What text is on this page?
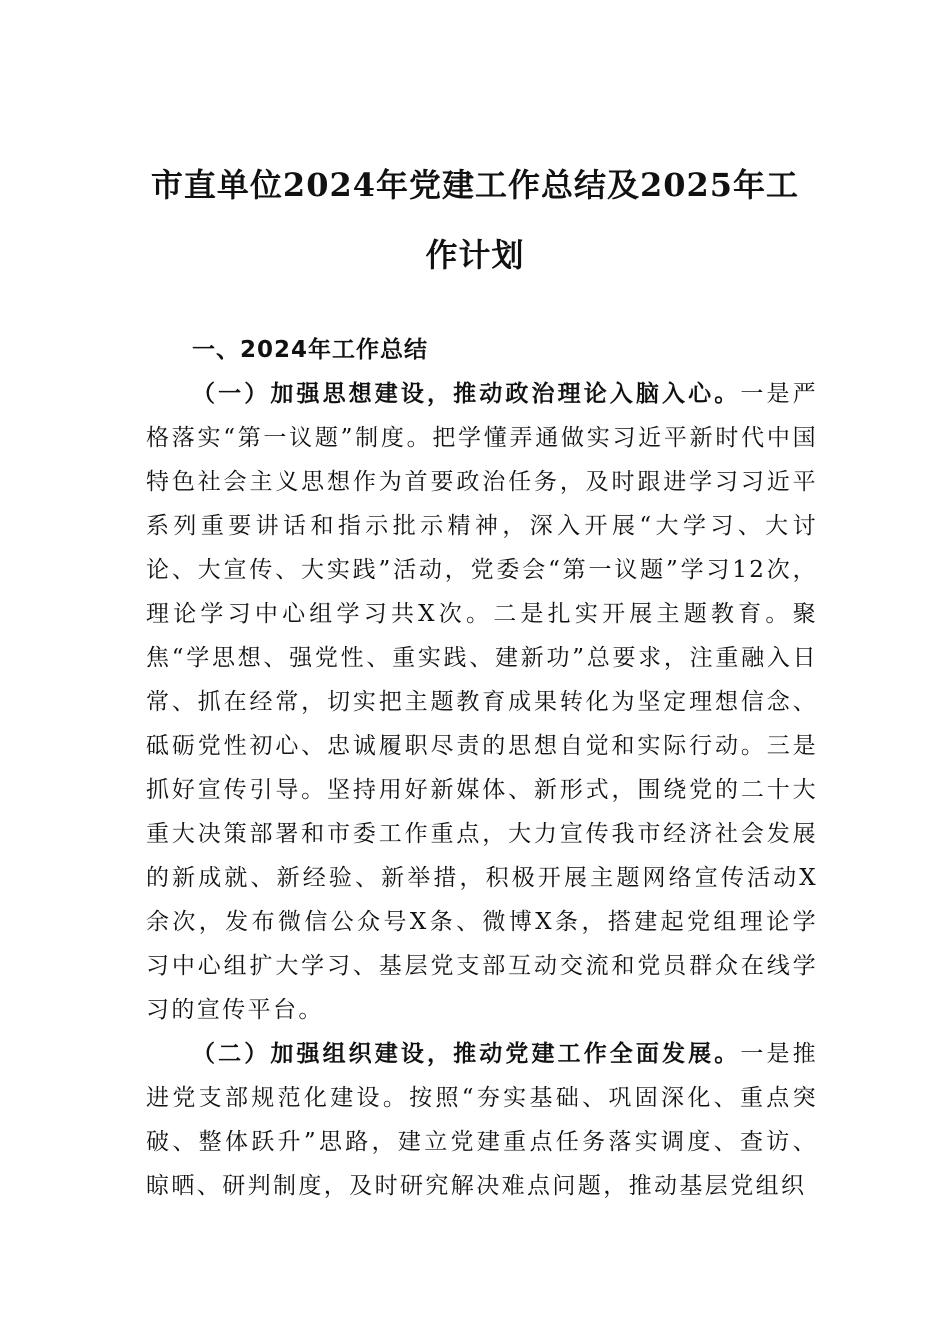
市直单位2024年党建工作总结及2025年工作计划

一、2024年工作总结

（一）加强思想建设，推动政治理论入脑入心。一是严格落实“第一议题”制度。把学懂弄通做实习近平新时代中国特色社会主义思想作为首要政治任务，及时跟进学习习近平系列重要讲话和指示批示精神，深入开展“大学习、大讨论、大宣传、大实践”活动，党委会“第一议题”学习12次，理论学习中心组学习共X次。二是扎实开展主题教育。聚焦“学思想、强党性、重实践、建新功”总要求，注重融入日常、抓在经常，切实把主题教育成果转化为坚定理想信念、砥砺党性初心、忠诚履职尽责的思想自觉和实际行动。三是抓好宣传引导。坚持用好新媒体、新形式，围绕党的二十大重大决策部署和市委工作重点，大力宣传我市经济社会发展的新成就、新经验、新举措，积极开展主题网络宣传活动X余次，发布微信公众号X条、微博X条，搭建起党组理论学习中心组扩大学习、基层党支部互动交流和党员群众在线学习的宣传平台。

（二）加强组织建设，推动党建工作全面发展。一是推进党支部规范化建设。按照“夯实基础、巩固深化、重点突破、整体跃升”思路，建立党建重点任务落实调度、查访、晾晒、研判制度，及时研究解决难点问题，推动基层党组织
